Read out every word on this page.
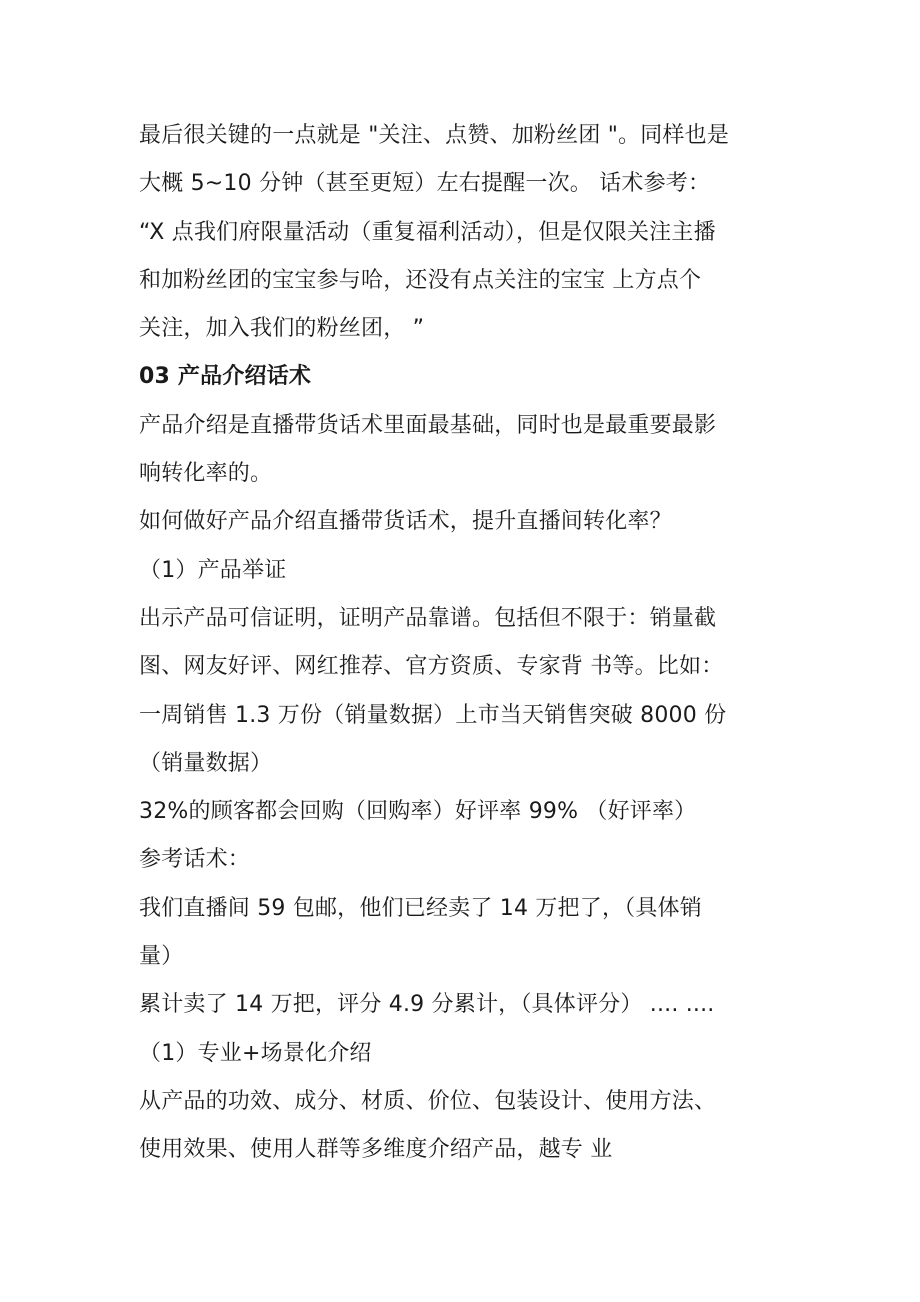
最后很关键的一点就是 "关注、点赞、加粉丝团 "。同样也是
大概 5~10 分钟（甚至更短）左右提醒一次。 话术参考：
“X 点我们府限量活动（重复福利活动），但是仅限关注主播
和加粉丝团的宝宝参与哈，还没有点关注的宝宝 上方点个
关注，加入我们的粉丝团， ”
03 产品介绍话术
产品介绍是直播带货话术里面最基础，同时也是最重要最影
响转化率的。
如何做好产品介绍直播带货话术，提升直播间转化率？
（1）产品举证
出示产品可信证明，证明产品靠谱。包括但不限于：销量截
图、网友好评、网红推荐、官方资质、专家背 书等。比如：
一周销售 1.3 万份（销量数据）上市当天销售突破 8000 份
（销量数据）
32%的顾客都会回购（回购率）好评率 99% （好评率）
参考话术：
我们直播间 59 包邮，他们已经卖了 14 万把了，（具体销
量）
累计卖了 14 万把，评分 4.9 分累计，（具体评分） .... ....
（1）专业+场景化介绍
从产品的功效、成分、材质、价位、包装设计、使用方法、
使用效果、使用人群等多维度介绍产品，越专 业
